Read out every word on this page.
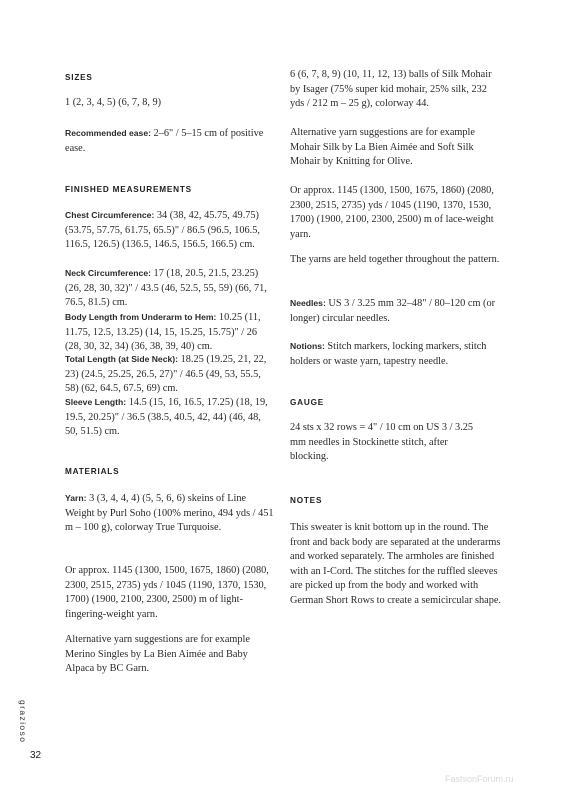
SIZES

1 (2, 3, 4, 5) (6, 7, 8, 9)

Recommended ease: 2–6" / 5–15 cm of positive ease.

FINISHED MEASUREMENTS

Chest Circumference: 34 (38, 42, 45.75, 49.75) (53.75, 57.75, 61.75, 65.5)" / 86.5 (96.5, 106.5, 116.5, 126.5) (136.5, 146.5, 156.5, 166.5) cm.

Neck Circumference: 17 (18, 20.5, 21.5, 23.25) (26, 28, 30, 32)" / 43.5 (46, 52.5, 55, 59) (66, 71, 76.5, 81.5) cm.

Body Length from Underarm to Hem: 10.25 (11, 11.75, 12.5, 13.25) (14, 15, 15.25, 15.75)" / 26 (28, 30, 32, 34) (36, 38, 39, 40) cm.

Total Length (at Side Neck): 18.25 (19.25, 21, 22, 23) (24.5, 25.25, 26.5, 27)" / 46.5 (49, 53, 55.5, 58) (62, 64.5, 67.5, 69) cm.

Sleeve Length: 14.5 (15, 16, 16.5, 17.25) (18, 19, 19.5, 20.25)" / 36.5 (38.5, 40.5, 42, 44) (46, 48, 50, 51.5) cm.

MATERIALS

Yarn: 3 (3, 4, 4, 4) (5, 5, 6, 6) skeins of Line Weight by Purl Soho (100% merino, 494 yds / 451 m – 100 g), colorway True Turquoise.

Or approx. 1145 (1300, 1500, 1675, 1860) (2080, 2300, 2515, 2735) yds / 1045 (1190, 1370, 1530, 1700) (1900, 2100, 2300, 2500) m of light-fingering-weight yarn.

Alternative yarn suggestions are for example Merino Singles by La Bien Aimée and Baby Alpaca by BC Garn.

6 (6, 7, 8, 9) (10, 11, 12, 13) balls of Silk Mohair by Isager (75% super kid mohair, 25% silk, 232 yds / 212 m – 25 g), colorway 44.

Alternative yarn suggestions are for example Mohair Silk by La Bien Aimée and Soft Silk Mohair by Knitting for Olive.

Or approx. 1145 (1300, 1500, 1675, 1860) (2080, 2300, 2515, 2735) yds / 1045 (1190, 1370, 1530, 1700) (1900, 2100, 2300, 2500) m of lace-weight yarn.

The yarns are held together throughout the pattern.

Needles: US 3 / 3.25 mm 32–48" / 80–120 cm (or longer) circular needles.

Notions: Stitch markers, locking markers, stitch holders or waste yarn, tapestry needle.

GAUGE

24 sts x 32 rows = 4" / 10 cm on US 3 / 3.25 mm needles in Stockinette stitch, after blocking.

NOTES

This sweater is knit bottom up in the round. The front and back body are separated at the underarms and worked separately. The armholes are finished with an I-Cord. The stitches for the ruffled sleeves are picked up from the body and worked with German Short Rows to create a semicircular shape.

grazioso
32
FashionForum.ru
